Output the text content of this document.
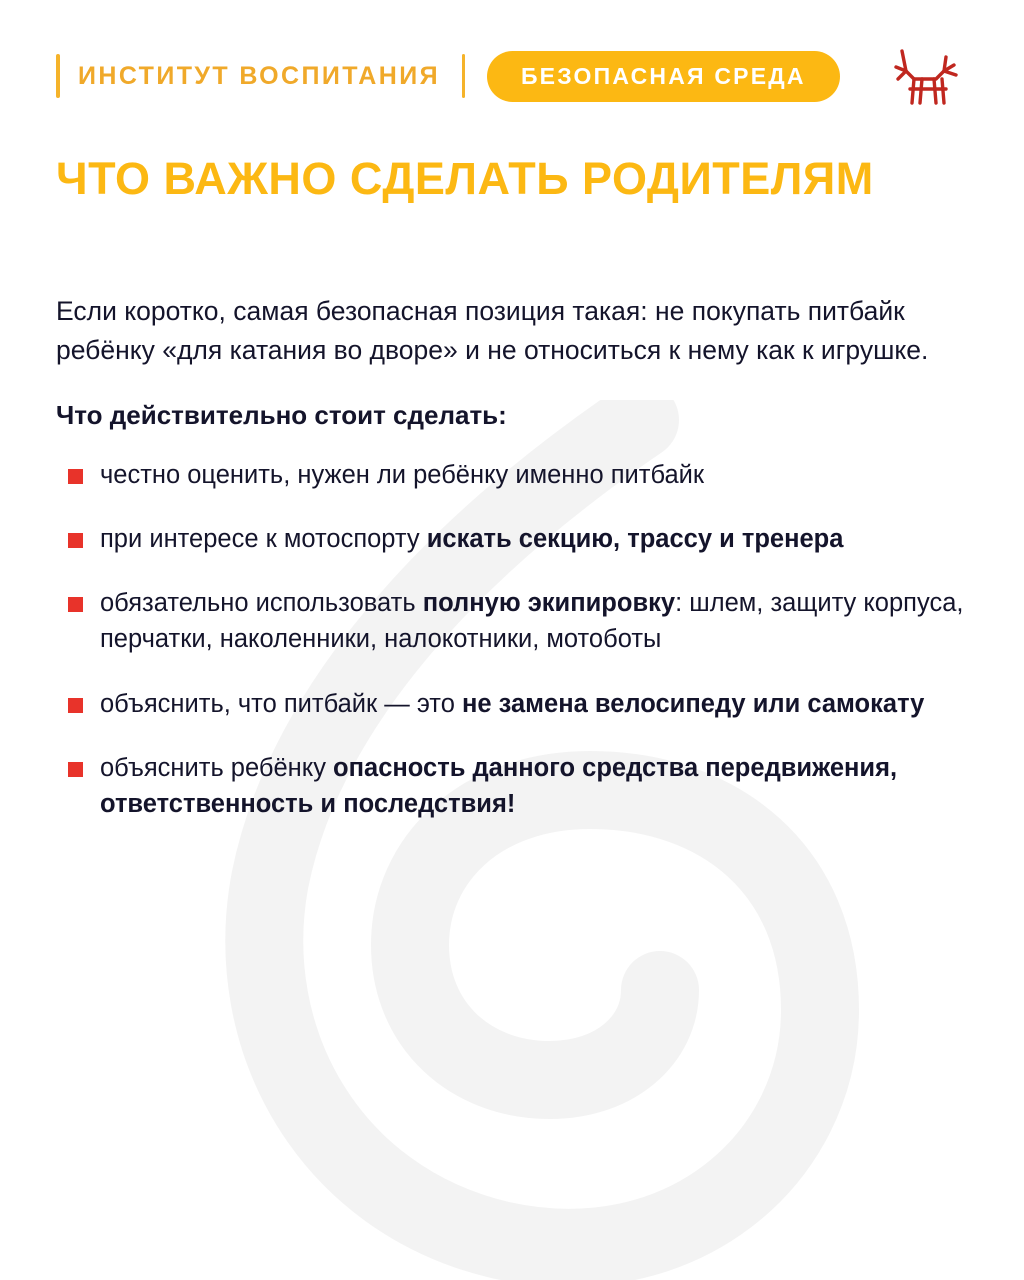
ИНСТИТУТ ВОСПИТАНИЯ	БЕЗОПАСНАЯ СРЕДА
ЧТО ВАЖНО СДЕЛАТЬ РОДИТЕЛЯМ

Если коротко, самая безопасная позиция такая: не покупать питбайк ребёнку «для катания во дворе» и не относиться к нему как к игрушке.

Что действительно стоит сделать:

честно оценить, нужен ли ребёнку именно питбайк
при интересе к мотоспорту искать секцию, трассу и тренера
обязательно использовать полную экипировку: шлем, защиту корпуса, перчатки, наколенники, налокотники, мотоботы
объяснить, что питбайк — это не замена велосипеду или самокату
объяснить ребёнку опасность данного средства передвижения, ответственность и последствия!
